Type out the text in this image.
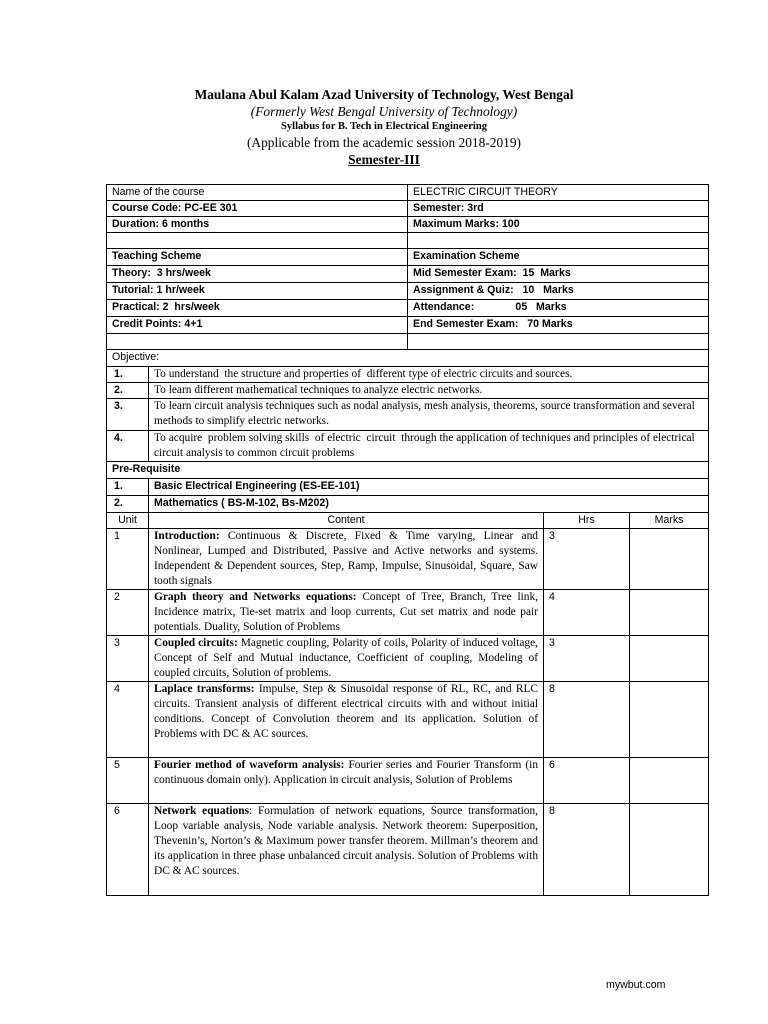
Maulana Abul Kalam Azad University of Technology, West Bengal
(Formerly West Bengal University of Technology)
Syllabus for B. Tech in Electrical Engineering
(Applicable from the academic session 2018-2019)
Semester-III
Name of the course		ELECTRIC CIRCUIT THEORY		
Course Code: PC-EE 301		Semester: 3rd		
Duration: 6 months		Maximum Marks: 100		

Teaching Scheme		Examination Scheme		
Theory:  3 hrs/week		Mid Semester Exam:  15  Marks		
Tutorial: 1 hr/week		Assignment & Quiz:   10   Marks		
Practical: 2  hrs/week		Attendance:              05   Marks		
Credit Points: 4+1		End Semester Exam:   70 Marks		

Objective:				
1.	To understand  the structure and properties of  different type of electric circuits and sources.			
2.	To learn different mathematical techniques to analyze electric networks.			
3.	To learn circuit analysis techniques such as nodal analysis, mesh analysis, theorems, source transformation and several methods to simplify electric networks.			
4.	To acquire  problem solving skills  of electric  circuit  through the application of techniques and principles of electrical circuit analysis to common circuit problems			
Pre-Requisite				
1.	Basic Electrical Engineering (ES-EE-101)			
2.	Mathematics ( BS-M-102, Bs-M202)			
Unit	Content		Hrs	Marks
1	Introduction: Continuous & Discrete, Fixed & Time varying, Linear and Nonlinear, Lumped and Distributed, Passive and Active networks and systems. Independent & Dependent sources, Step, Ramp, Impulse, Sinusoidal, Square, Saw tooth signals		3	
2	Graph theory and Networks equations: Concept of Tree, Branch, Tree link, Incidence matrix, Tie-set matrix and loop currents, Cut set matrix and node pair potentials. Duality, Solution of Problems		4	
3	Coupled circuits: Magnetic coupling, Polarity of coils, Polarity of induced voltage, Concept of Self and Mutual inductance, Coefficient of coupling, Modeling of coupled circuits, Solution of problems.		3	
4	Laplace transforms: Impulse, Step & Sinusoidal response of RL, RC, and RLC circuits. Transient analysis of different electrical circuits with and without initial conditions. Concept of Convolution theorem and its application. Solution of Problems with DC & AC sources.		8	
5	Fourier method of waveform analysis: Fourier series and Fourier Transform (in continuous domain only). Application in circuit analysis, Solution of Problems		6	
6	Network equations: Formulation of network equations, Source transformation, Loop variable analysis, Node variable analysis. Network theorem: Superposition, Thevenin’s, Norton’s & Maximum power transfer theorem. Millman’s theorem and its application in three phase unbalanced circuit analysis. Solution of Problems with DC & AC sources.		8	
mywbut.com
